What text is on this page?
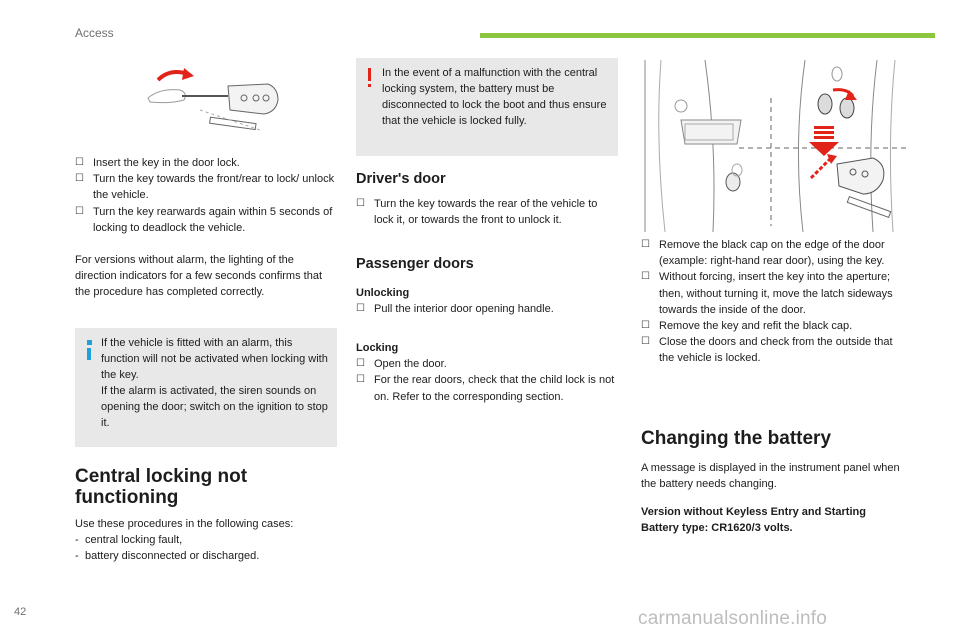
Access
☐ Insert the key in the door lock.
☐ Turn the key towards the front/rear to lock/ unlock the vehicle.
☐ Turn the key rearwards again within 5 seconds of locking to deadlock the vehicle.

For versions without alarm, the lighting of the direction indicators for a few seconds confirms that the procedure has completed correctly.

If the vehicle is fitted with an alarm, this function will not be activated when locking with the key.

If the alarm is activated, the siren sounds on opening the door; switch on the ignition to stop it.

Central locking not functioning

Use these procedures in the following cases:

- central locking fault,
- battery disconnected or discharged.

In the event of a malfunction with the central locking system, the battery must be disconnected to lock the boot and thus ensure that the vehicle is locked fully.

Driver's door
☐ Turn the key towards the rear of the vehicle to lock it, or towards the front to unlock it.
Passenger doors
Unlocking
☐ Pull the interior door opening handle.
Locking
☐ Open the door.
☐ For the rear doors, check that the child lock is not on. Refer to the corresponding section.
☐ Remove the black cap on the edge of the door (example: right-hand rear door), using the key.
☐ Without forcing, insert the key into the aperture; then, without turning it, move the latch sideways towards the inside of the door.
☐ Remove the key and refit the black cap.
☐ Close the doors and check from the outside that the vehicle is locked.
Changing the battery

A message is displayed in the instrument panel when the battery needs changing.

Version without Keyless Entry and Starting
Battery type: CR1620/3 volts.
42	carmanualsonline.info
